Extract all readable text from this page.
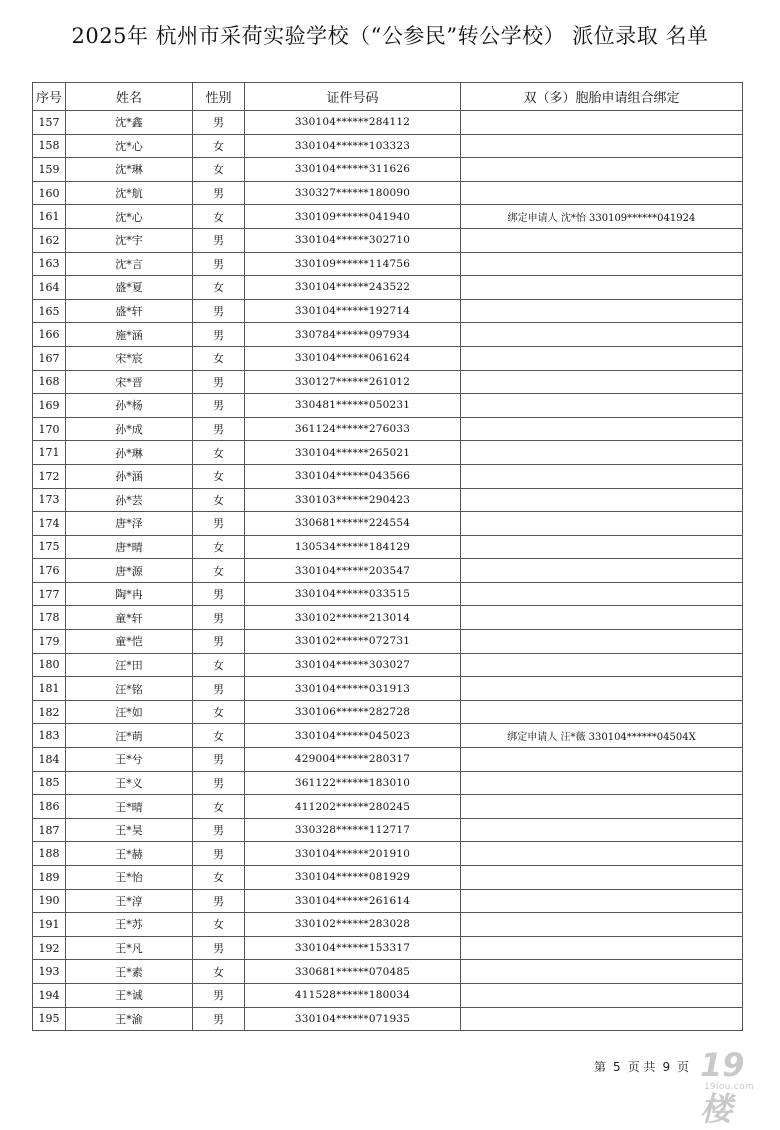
2025年 杭州市采荷实验学校（“公参民”转公学校） 派位录取 名单
序号	姓名	性别	证件号码	双（多）胞胎申请组合绑定
157	沈*鑫	男	330104******284112	
158	沈*心	女	330104******103323	
159	沈*琳	女	330104******311626	
160	沈*航	男	330327******180090	
161	沈*心	女	330109******041940	绑定申请人 沈*怡 330109******041924
162	沈*宇	男	330104******302710	
163	沈*言	男	330109******114756	
164	盛*夏	女	330104******243522	
165	盛*轩	男	330104******192714	
166	施*涵	男	330784******097934	
167	宋*宸	女	330104******061624	
168	宋*晋	男	330127******261012	
169	孙*杨	男	330481******050231	
170	孙*成	男	361124******276033	
171	孙*琳	女	330104******265021	
172	孙*涵	女	330104******043566	
173	孙*芸	女	330103******290423	
174	唐*泽	男	330681******224554	
175	唐*晴	女	130534******184129	
176	唐*源	女	330104******203547	
177	陶*冉	男	330104******033515	
178	童*轩	男	330102******213014	
179	童*恺	男	330102******072731	
180	汪*田	女	330104******303027	
181	汪*铭	男	330104******031913	
182	汪*如	女	330106******282728	
183	汪*萌	女	330104******045023	绑定申请人 汪*薇 330104******04504X
184	王*兮	男	429004******280317	
185	王*义	男	361122******183010	
186	王*晴	女	411202******280245	
187	王*昊	男	330328******112717	
188	王*赫	男	330104******201910	
189	王*怡	女	330104******081929	
190	王*淳	男	330104******261614	
191	王*苏	女	330102******283028	
192	王*凡	男	330104******153317	
193	王*素	女	330681******070485	
194	王*诚	男	411528******180034	
195	王*渝	男	330104******071935	
第 5 页 共 9 页 19楼
19lou.com
